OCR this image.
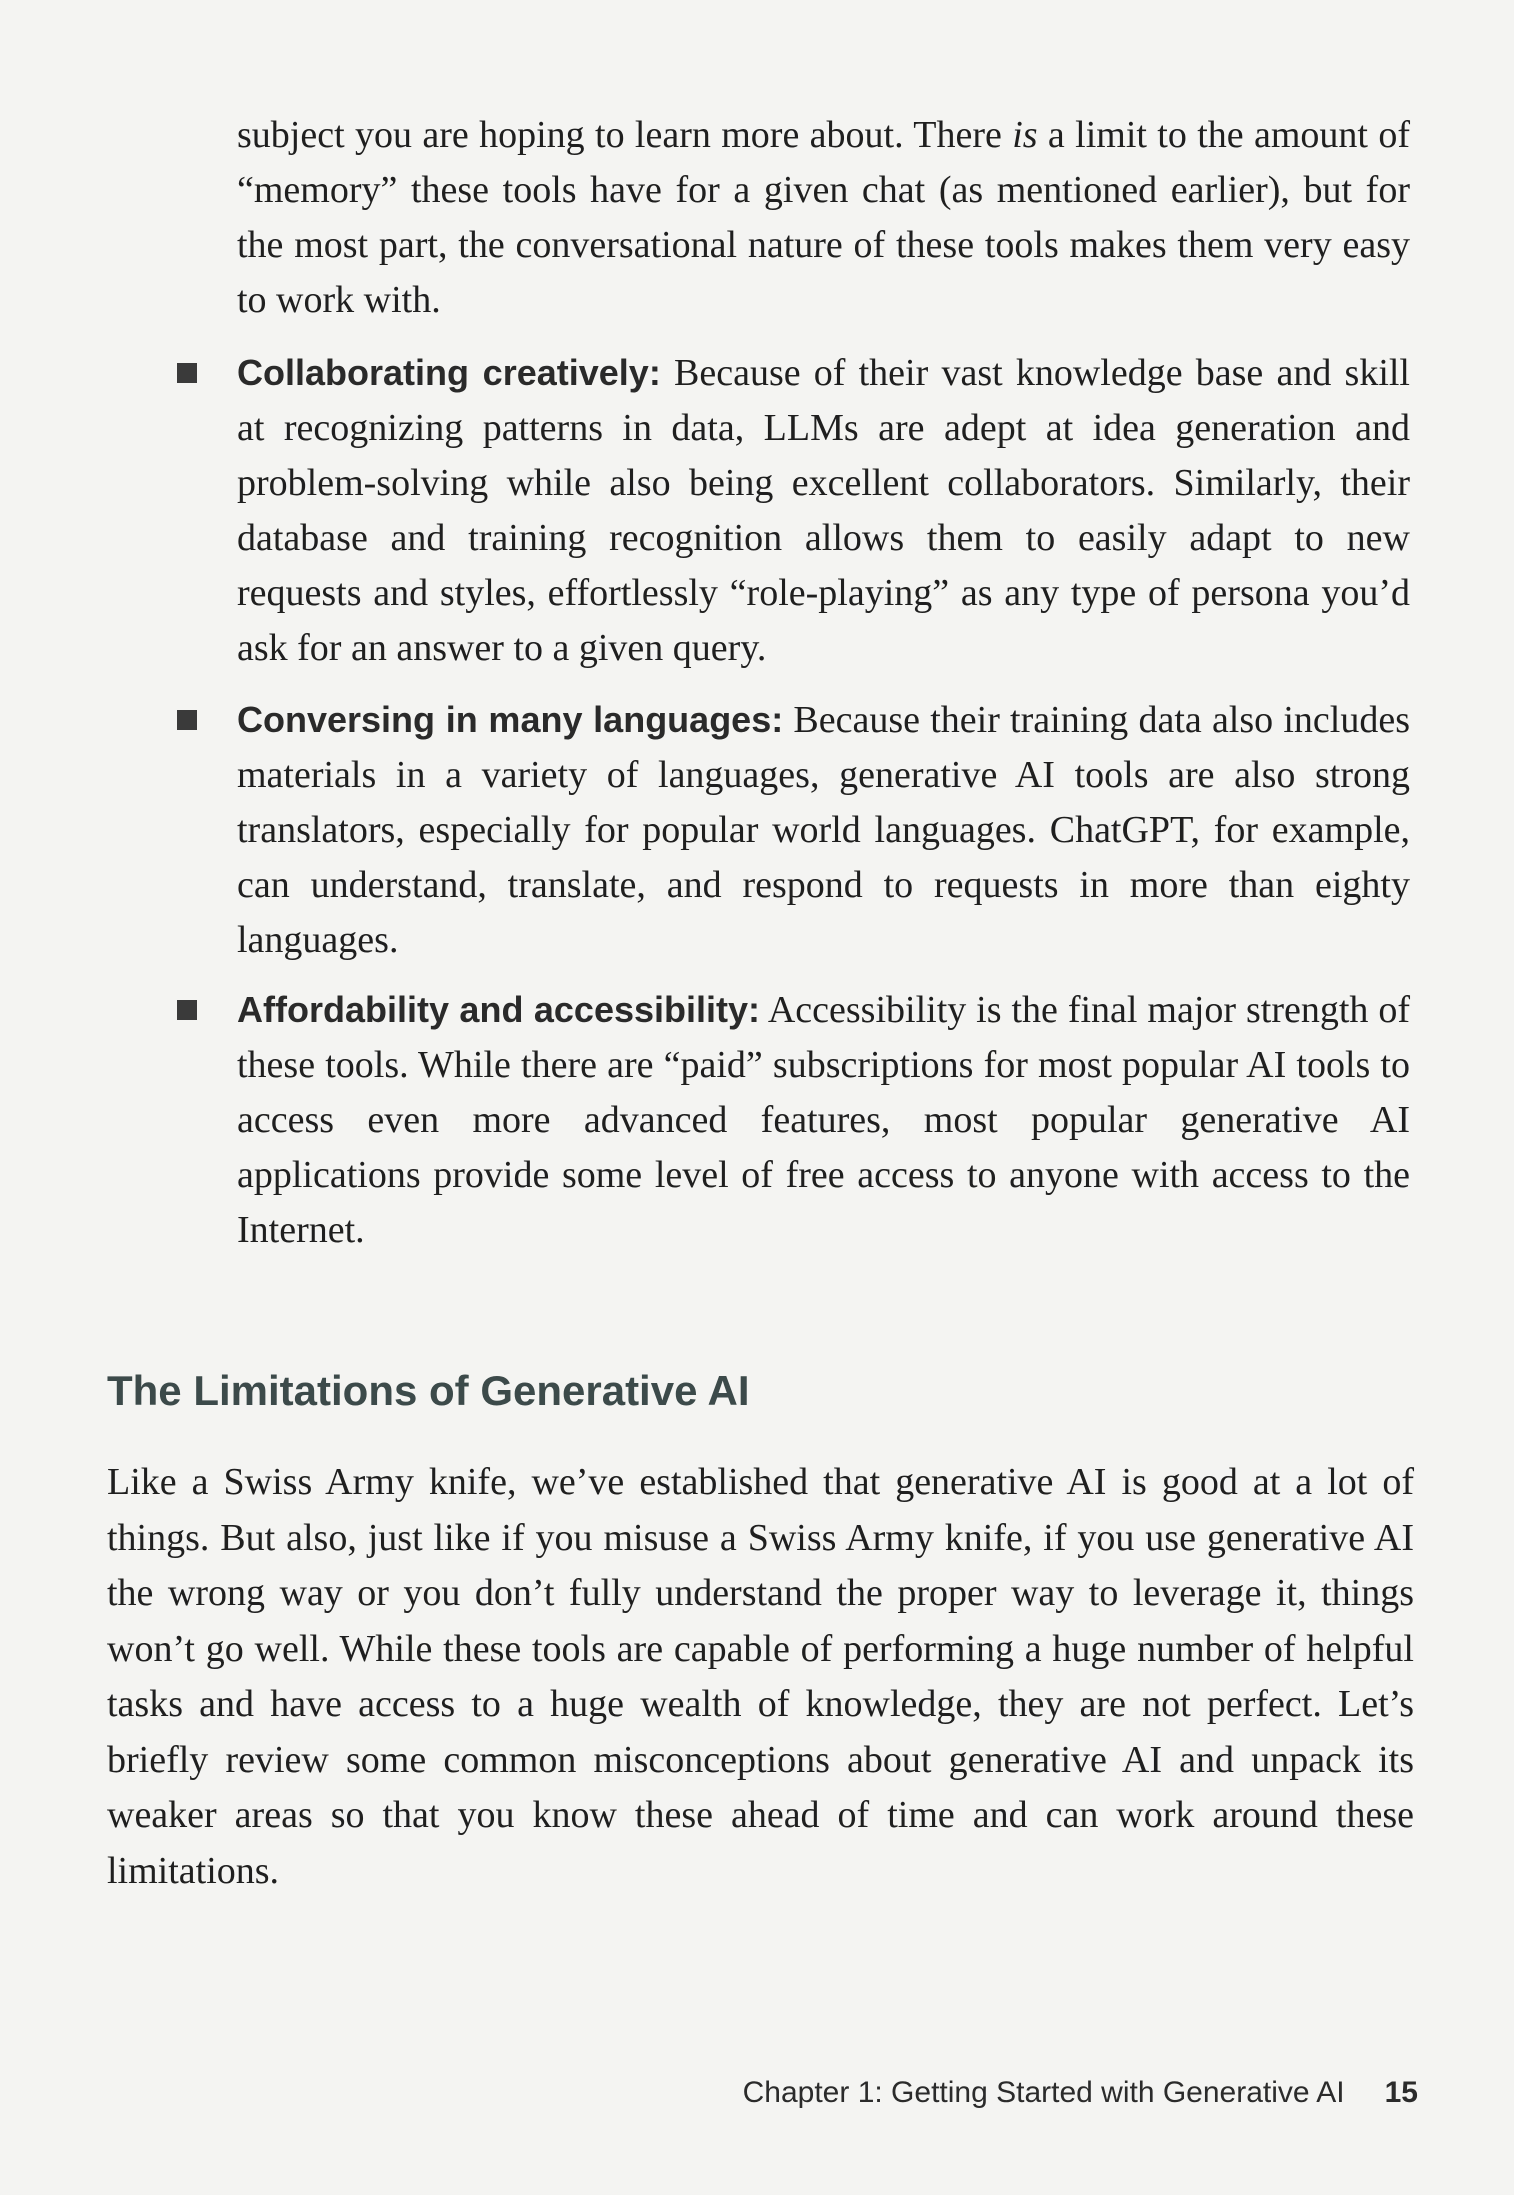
subject you are hoping to learn more about. There is a limit to the amount of “memory” these tools have for a given chat (as mentioned earlier), but for the most part, the conversational nature of these tools makes them very easy to work with.

Collaborating creatively: Because of their vast knowledge base and skill at recognizing patterns in data, LLMs are adept at idea generation and problem-solving while also being excellent collaborators. Similarly, their database and training recognition allows them to easily adapt to new requests and styles, effortlessly “role-playing” as any type of persona you’d ask for an answer to a given query.
Conversing in many languages: Because their training data also includes materials in a variety of languages, generative AI tools are also strong translators, especially for popular world languages. ChatGPT, for example, can understand, translate, and respond to requests in more than eighty languages.
Affordability and accessibility: Accessibility is the final major strength of these tools. While there are “paid” subscriptions for most popular AI tools to access even more advanced features, most popular generative AI applications provide some level of free access to anyone with access to the Internet.
The Limitations of Generative AI

Like a Swiss Army knife, we’ve established that generative AI is good at a lot of things. But also, just like if you misuse a Swiss Army knife, if you use generative AI the wrong way or you don’t fully understand the proper way to leverage it, things won’t go well. While these tools are capable of performing a huge number of helpful tasks and have access to a huge wealth of knowledge, they are not perfect. Let’s briefly review some common misconceptions about generative AI and unpack its weaker areas so that you know these ahead of time and can work around these limitations.

Chapter 1: Getting Started with Generative AI 15
